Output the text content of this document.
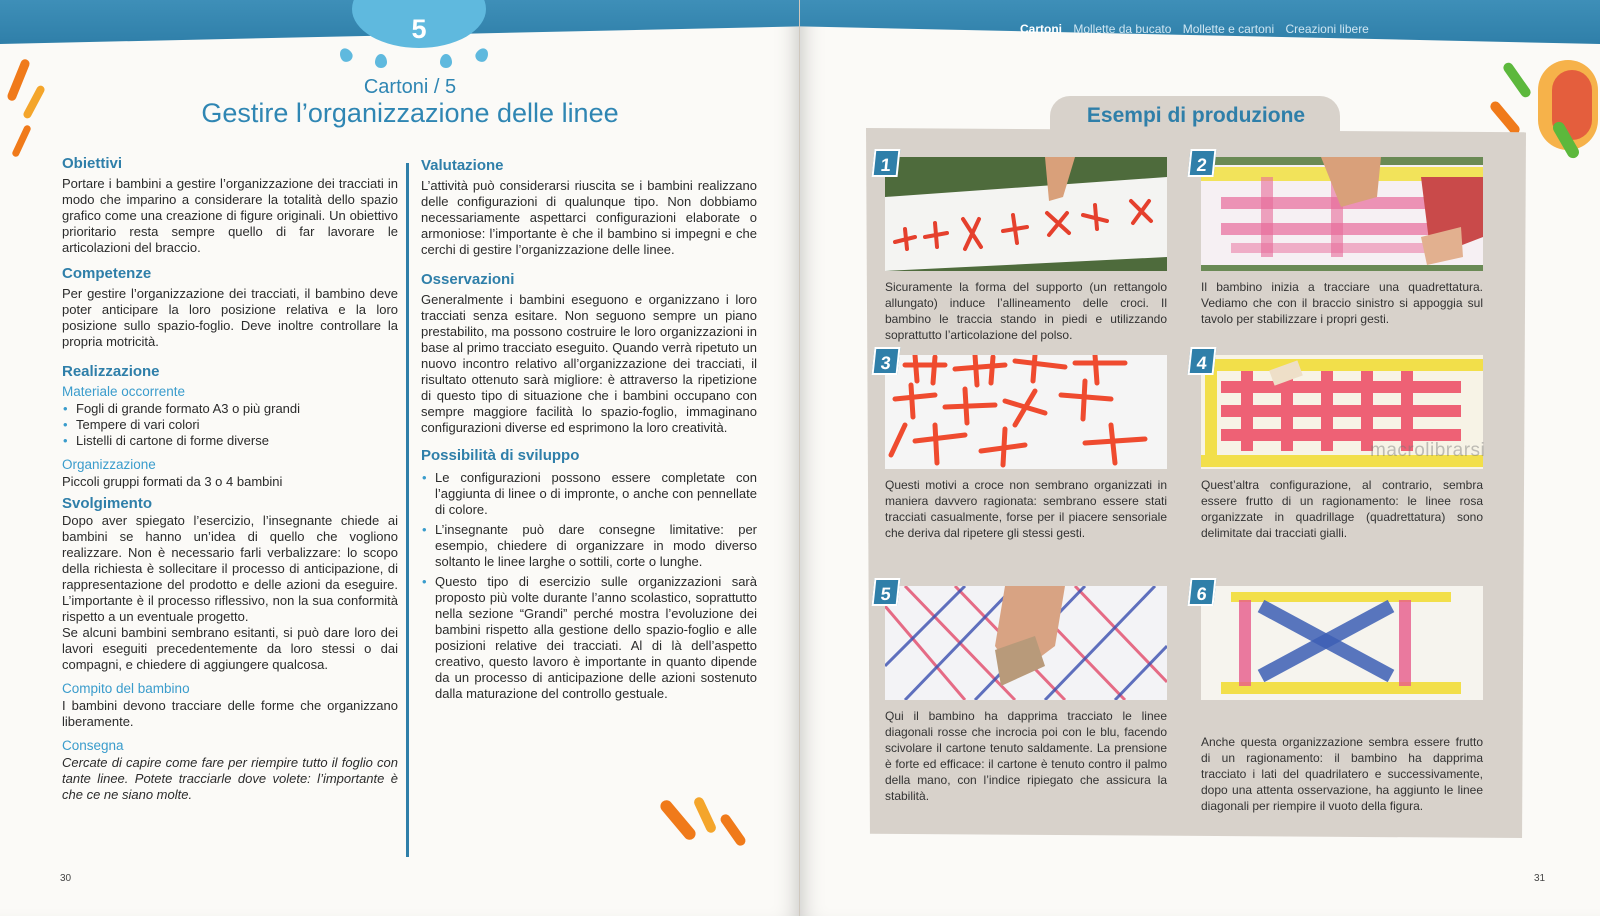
5
Cartoni / 5
Gestire l’organizzazione delle linee
Obiettivi

Portare i bambini a gestire l’organizzazione dei tracciati in modo che imparino a considerare la totalità dello spazio grafico come una creazione di figure originali. Un obiettivo prioritario resta sempre quello di far lavorare le articolazioni del braccio.

Competenze

Per gestire l’organizzazione dei tracciati, il bambino deve poter anticipare la loro posizione relativa e la loro posizione sullo spazio-foglio. Deve inoltre controllare la propria motricità.

Realizzazione
Materiale occorrente
• Fogli di grande formato A3 o più grandi
• Tempere di vari colori
• Listelli di cartone di forme diverse
Organizzazione

Piccoli gruppi formati da 3 o 4 bambini

Svolgimento

Dopo aver spiegato l’esercizio, l’insegnante chiede ai bambini se hanno un’idea di quello che vogliono realizzare. Non è necessario farli verbalizzare: lo scopo della richiesta è sollecitare il processo di anticipazione, di rappresentazione del prodotto e delle azioni da eseguire. L’importante è il processo riflessivo, non la sua conformità rispetto a un eventuale progetto.

Se alcuni bambini sembrano esitanti, si può dare loro dei lavori eseguiti precedentemente da loro stessi o dai compagni, e chiedere di aggiungere qualcosa.

Compito del bambino

I bambini devono tracciare delle forme che organizzano liberamente.

Consegna

Cercate di capire come fare per riempire tutto il foglio con tante linee. Potete tracciarle dove volete: l’importante è che ce ne siano molte.

Valutazione

L’attività può considerarsi riuscita se i bambini realizzano delle configurazioni di qualunque tipo. Non dobbiamo necessariamente aspettarci configurazioni elaborate o armoniose: l’importante è che il bambino si impegni e che cerchi di gestire l’organizzazione delle linee.

Osservazioni

Generalmente i bambini eseguono e organizzano i loro tracciati senza esitare. Non seguono sempre un piano prestabilito, ma possono costruire le loro organizzazioni in base al primo tracciato eseguito. Quando verrà ripetuto un nuovo incontro relativo all’organizzazione dei tracciati, il risultato ottenuto sarà migliore: è attraverso la ripetizione di questo tipo di situazione che i bambini occupano con sempre maggiore facilità lo spazio-foglio, immaginano configurazioni diverse ed esprimono la loro creatività.

Possibilità di sviluppo
• Le configurazioni possono essere completate con l’aggiunta di linee o di impronte, o anche con pennellate di colore.
• L’insegnante può dare consegne limitative: per esempio, chiedere di organizzare in modo diverso soltanto le linee larghe o sottili, corte o lunghe.
• Questo tipo di esercizio sulle organizzazioni sarà proposto più volte durante l’anno scolastico, soprattutto nella sezione “Grandi” perché mostra l’evoluzione dei bambini rispetto alla gestione dello spazio-foglio e alle posizioni relative dei tracciati. Al di là dell’aspetto creativo, questo lavoro è importante in quanto dipende da un processo di anticipazione delle azioni sostenuto dalla maturazione del controllo gestuale.
30
Cartoni Mollette da bucato Mollette e cartoni Creazioni libere
Esempi di produzione
1
Sicuramente la forma del supporto (un rettangolo allungato) induce l’allineamento delle croci. Il bambino le traccia stando in piedi e utilizzando soprattutto l’articolazione del polso.
2
Il bambino inizia a tracciare una quadrettatura. Vediamo che con il braccio sinistro si appoggia sul tavolo per stabilizzare i propri gesti.
3
Questi motivi a croce non sembrano organizzati in maniera davvero ragionata: sembrano essere stati tracciati casualmente, forse per il piacere sensoriale che deriva dal ripetere gli stessi gesti.
4
Quest’altra configurazione, al contrario, sembra essere frutto di un ragionamento: le linee rosa organizzate in quadrillage (quadrettatura) sono delimitate dai tracciati gialli.
5
Qui il bambino ha dapprima tracciato le linee diagonali rosse che incrocia poi con le blu, facendo scivolare il cartone tenuto saldamente. La prensione è forte ed efficace: il cartone è tenuto contro il palmo della mano, con l’indice ripiegato che assicura la stabilità.
6
Anche questa organizzazione sembra essere frutto di un ragionamento: il bambino ha dapprima tracciato i lati del quadrilatero e successivamente, dopo una attenta osservazione, ha aggiunto le linee diagonali per riempire il vuoto della figura.
macrolibrarsi
31
